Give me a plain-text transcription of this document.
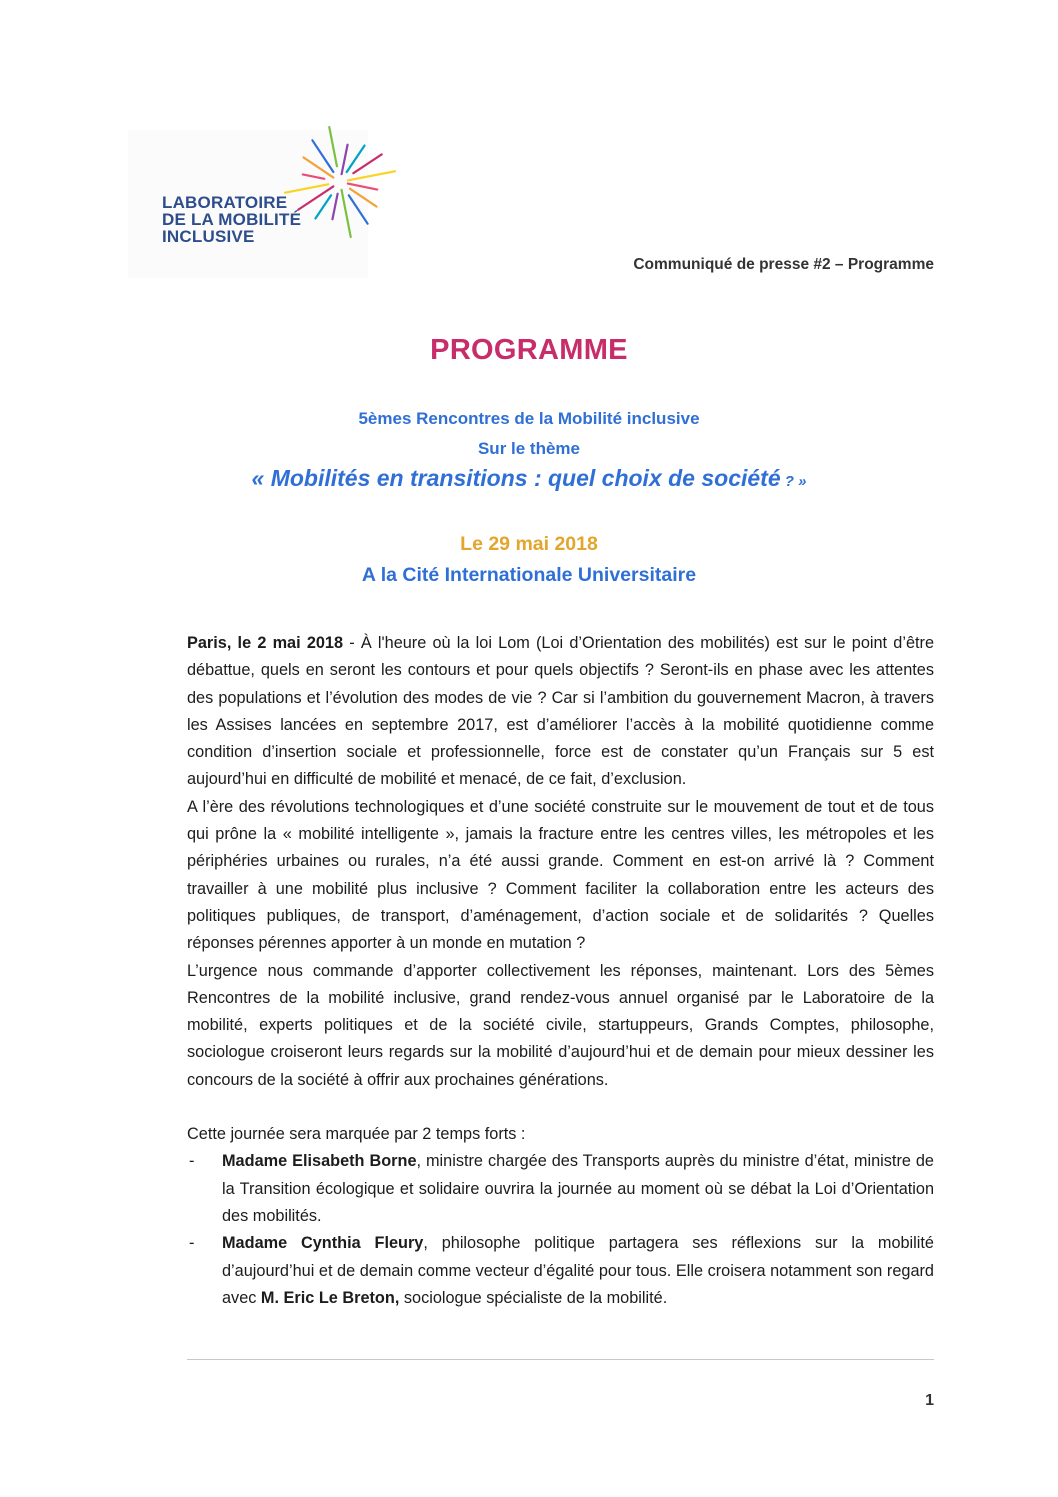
LABORATOIRE
DE LA MOBILITÉ
INCLUSIVE
Communiqué de presse #2 – Programme
PROGRAMME
5èmes Rencontres de la Mobilité inclusive
Sur le thème
« Mobilités en transitions : quel choix de société ? »
Le 29 mai 2018
A la Cité Internationale Universitaire

Paris, le 2 mai 2018 - À l'heure où la loi Lom (Loi d’Orientation des mobilités) est sur le point d’être débattue, quels en seront les contours et pour quels objectifs ? Seront-ils en phase avec les attentes des populations et l’évolution des modes de vie ? Car si l’ambition du gouvernement Macron, à travers les Assises lancées en septembre 2017, est d’améliorer l’accès à la mobilité quotidienne comme condition d’insertion sociale et professionnelle, force est de constater qu’un Français sur 5 est aujourd’hui en difficulté de mobilité et menacé, de ce fait, d’exclusion.

A l’ère des révolutions technologiques et d’une société construite sur le mouvement de tout et de tous qui prône la « mobilité intelligente », jamais la fracture entre les centres villes, les métropoles et les périphéries urbaines ou rurales, n’a été aussi grande. Comment en est-on arrivé là ? Comment travailler à une mobilité plus inclusive ? Comment faciliter la collaboration entre les acteurs des politiques publiques, de transport, d’aménagement, d’action sociale et de solidarités ? Quelles réponses pérennes apporter à un monde en mutation ?

L’urgence nous commande d’apporter collectivement les réponses, maintenant. Lors des 5èmes Rencontres de la mobilité inclusive, grand rendez-vous annuel organisé par le Laboratoire de la mobilité, experts politiques et de la société civile, startuppeurs, Grands Comptes, philosophe, sociologue croiseront leurs regards sur la mobilité d’aujourd’hui et de demain pour mieux dessiner les concours de la société à offrir aux prochaines générations.

Cette journée sera marquée par 2 temps forts :

- Madame Elisabeth Borne, ministre chargée des Transports auprès du ministre d’état, ministre de la Transition écologique et solidaire ouvrira la journée au moment où se débat la Loi d’Orientation des mobilités.
- Madame Cynthia Fleury, philosophe politique partagera ses réflexions sur la mobilité d’aujourd’hui et de demain comme vecteur d’égalité pour tous. Elle croisera notamment son regard avec M. Eric Le Breton, sociologue spécialiste de la mobilité.
1
